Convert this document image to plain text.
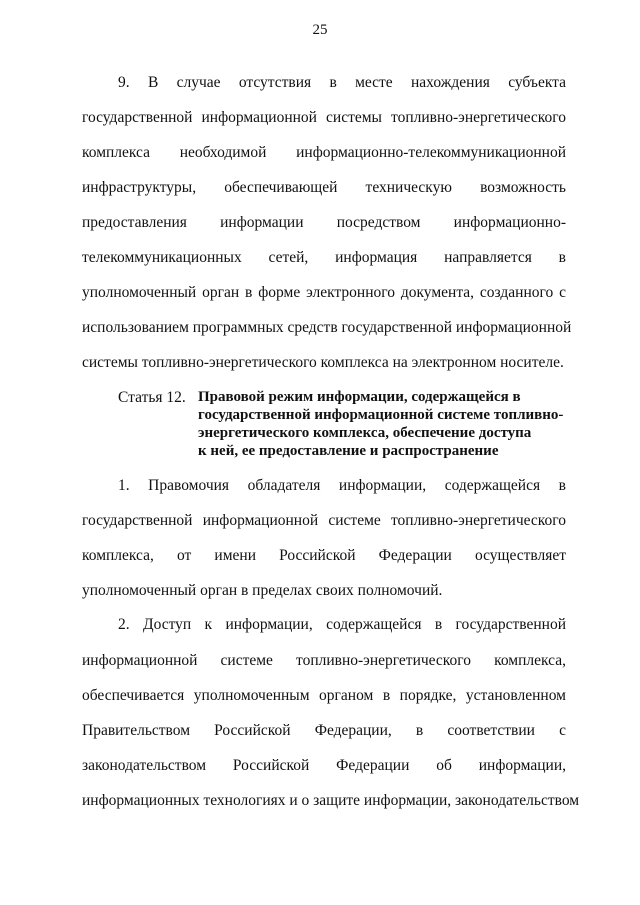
25
9. В случае отсутствия в месте нахождения субъекта
государственной информационной системы топливно-энергетического
комплекса необходимой информационно-телекоммуникационной
инфраструктуры, обеспечивающей техническую возможность
предоставления информации посредством информационно-
телекоммуникационных сетей, информация направляется в
уполномоченный орган в форме электронного документа, созданного с
использованием программных средств государственной информационной
системы топливно-энергетического комплекса на электронном носителе.
Статья 12. Правовой режим информации, содержащейся в
государственной информационной системе топливно-
энергетического комплекса, обеспечение доступа
к ней, ее предоставление и распространение
1. Правомочия обладателя информации, содержащейся в
государственной информационной системе топливно-энергетического
комплекса, от имени Российской Федерации осуществляет
уполномоченный орган в пределах своих полномочий.
2. Доступ к информации, содержащейся в государственной
информационной системе топливно-энергетического комплекса,
обеспечивается уполномоченным органом в порядке, установленном
Правительством Российской Федерации, в соответствии с
законодательством Российской Федерации об информации,
информационных технологиях и о защите информации, законодательством
